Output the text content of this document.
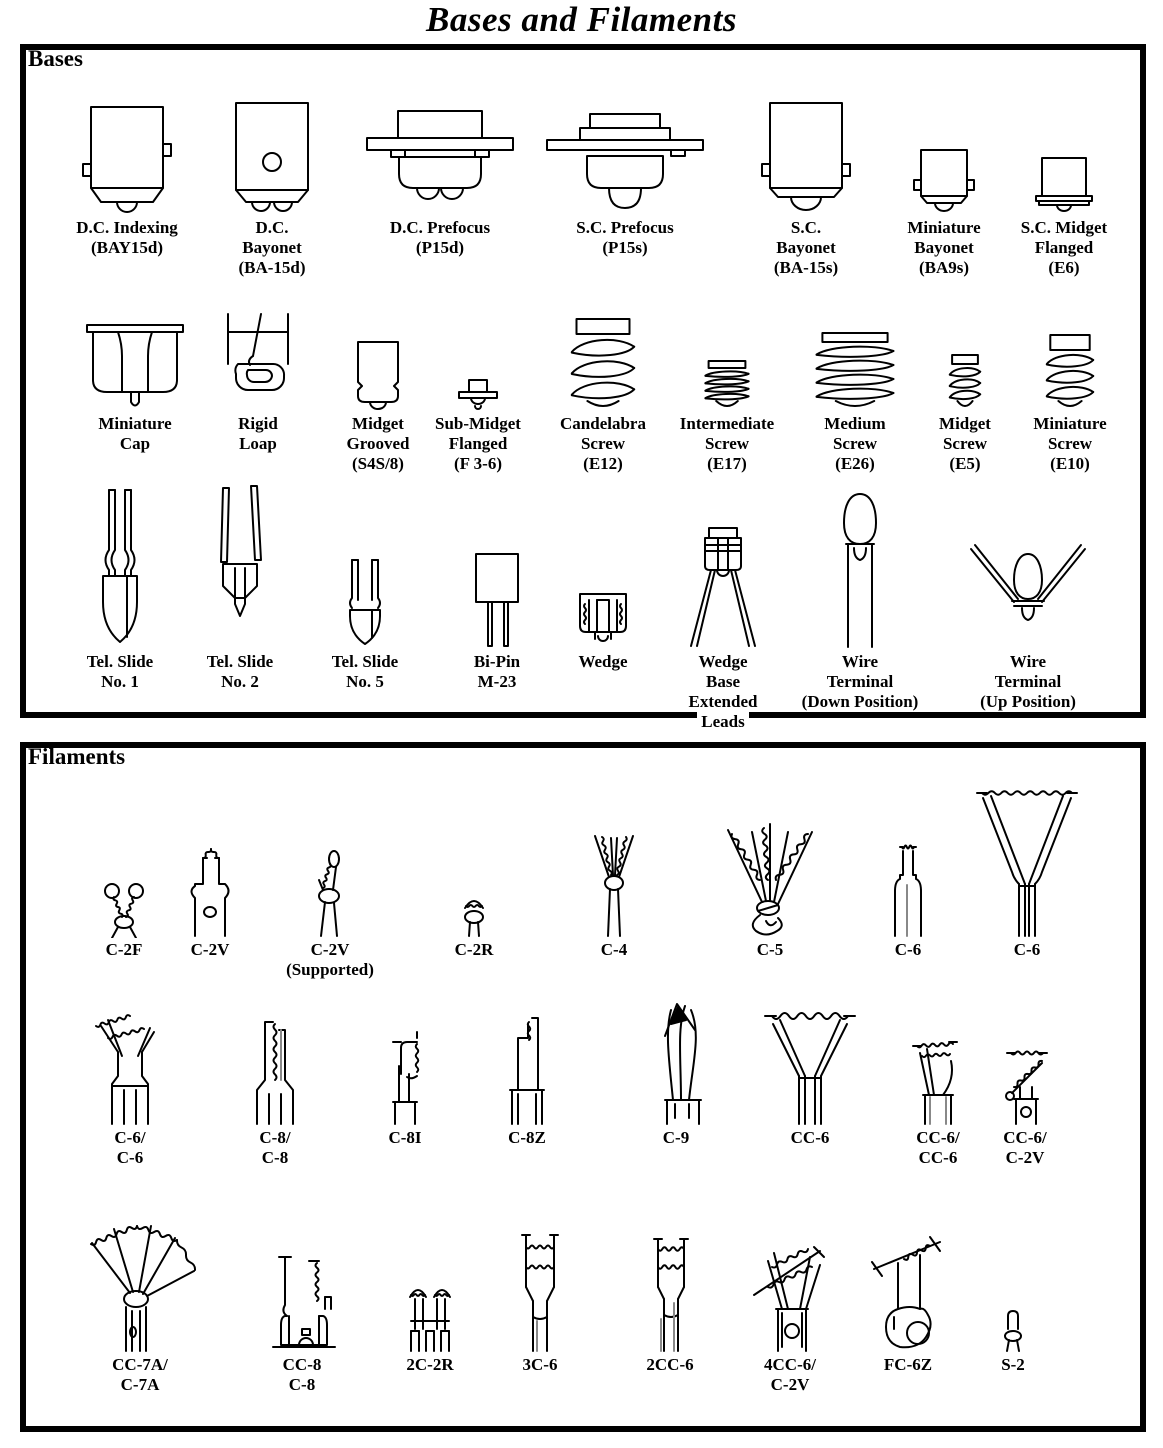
Bases and Filaments
Bases
D.C. Indexing
(BAY15d)
D.C.
Bayonet
(BA-15d)
D.C. Prefocus
(P15d)
S.C. Prefocus
(P15s)
S.C.
Bayonet
(BA-15s)
Miniature
Bayonet
(BA9s)
S.C. Midget
Flanged
(E6)
Miniature
Cap
Rigid
Loap
Midget
Grooved
(S4S/8)
Sub-Midget
Flanged
(F 3-6)
Candelabra
Screw
(E12)
Intermediate
Screw
(E17)
Medium
Screw
(E26)
Midget
Screw
(E5)
Miniature
Screw
(E10)
Tel. Slide
No. 1
Tel. Slide
No. 2
Tel. Slide
No. 5
Bi-Pin
M-23
Wedge	Wedge
Base
Extended
Leads
Wire
Terminal
(Down Position)
Wire
Terminal
(Up Position)
Filaments
C-2F	C-2V	C-2V
(Supported)
C-2R	C-4	C-5	C-6	C-6
C-6/
C-6
C-8/
C-8
C-8I	C-8Z	C-9	CC-6	CC-6/
CC-6
CC-6/
C-2V
CC-7A/
C-7A
CC-8
C-8
2C-2R	3C-6	2CC-6	4CC-6/
C-2V
FC-6Z	S-2
